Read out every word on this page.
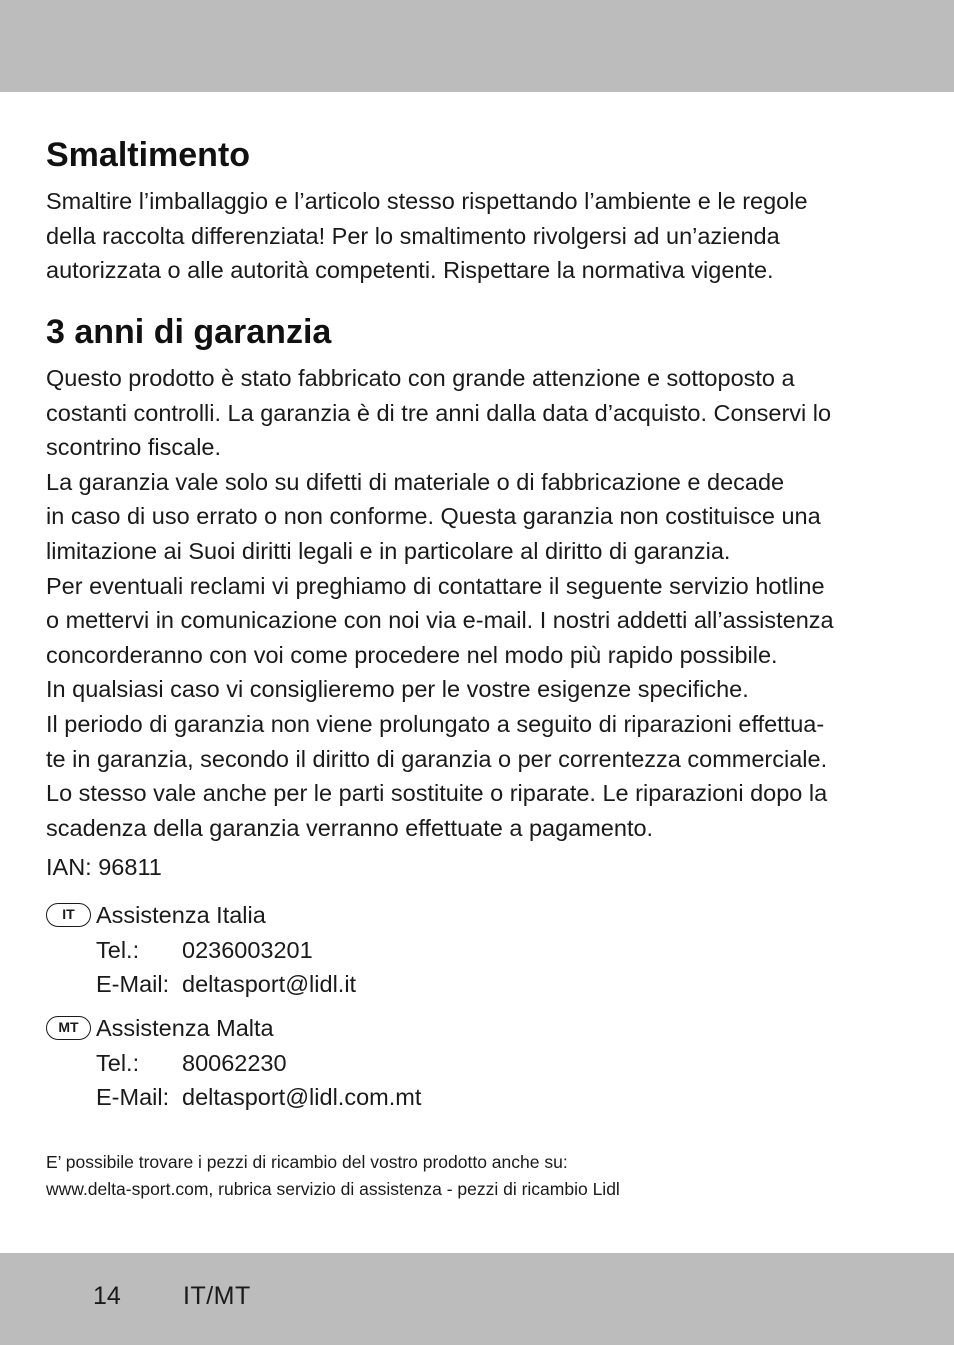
Smaltimento
Smaltire l’imballaggio e l’articolo stesso rispettando l’ambiente e le regole
della raccolta differenziata! Per lo smaltimento rivolgersi ad un’azienda
autorizzata o alle autorità competenti. Rispettare la normativa vigente.
3 anni di garanzia
Questo prodotto è stato fabbricato con grande attenzione e sottoposto a
costanti controlli. La garanzia è di tre anni dalla data d’acquisto. Conservi lo
scontrino fiscale.
La garanzia vale solo su difetti di materiale o di fabbricazione e decade
in caso di uso errato o non conforme. Questa garanzia non costituisce una
limitazione ai Suoi diritti legali e in particolare al diritto di garanzia.
Per eventuali reclami vi preghiamo di contattare il seguente servizio hotline
o mettervi in comunicazione con noi via e-mail. I nostri addetti all’assistenza
concorderanno con voi come procedere nel modo più rapido possibile.
In qualsiasi caso vi consiglieremo per le vostre esigenze specifiche.
Il periodo di garanzia non viene prolungato a seguito di riparazioni effettua-
te in garanzia, secondo il diritto di garanzia o per correntezza commerciale.
Lo stesso vale anche per le parti sostituite o riparate. Le riparazioni dopo la
scadenza della garanzia verranno effettuate a pagamento.
IAN: 96811
IT Assistenza Italia
Tel.: 0236003201
E-Mail: deltasport@lidl.it
MT Assistenza Malta
Tel.: 80062230
E-Mail: deltasport@lidl.com.mt
E’ possibile trovare i pezzi di ricambio del vostro prodotto anche su:
www.delta-sport.com, rubrica servizio di assistenza - pezzi di ricambio Lidl
14 IT/MT
